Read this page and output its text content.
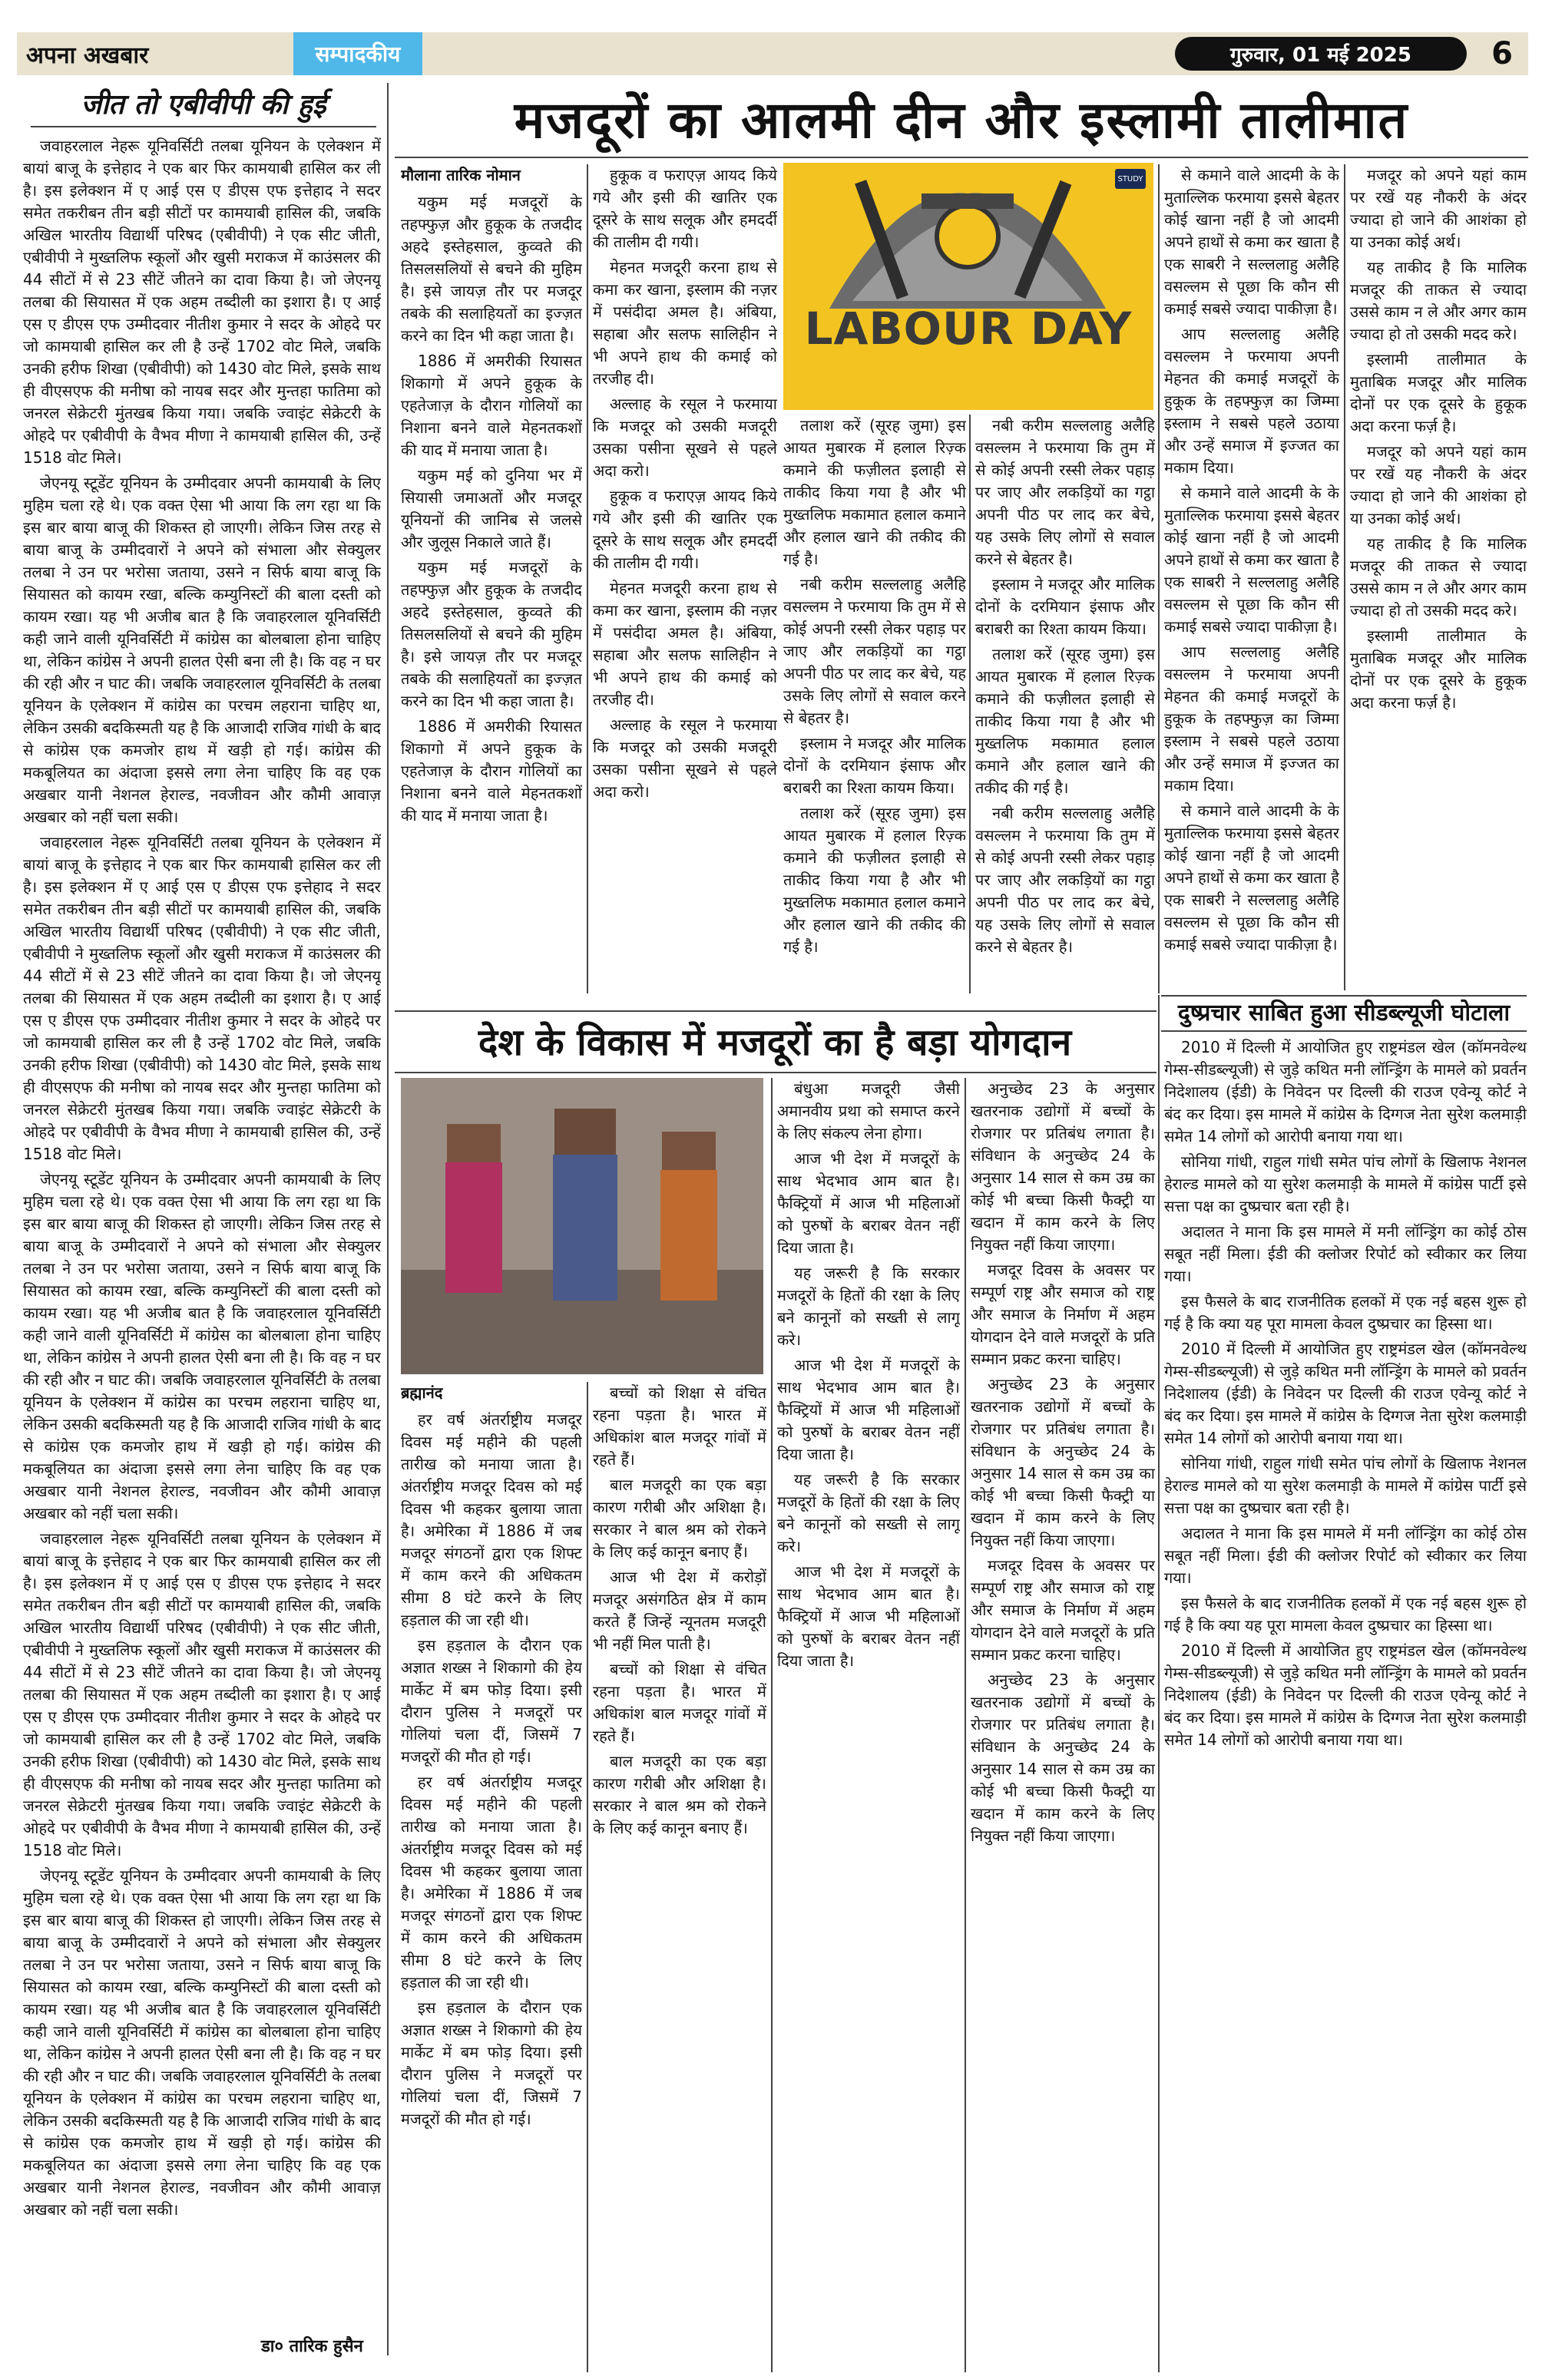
अपना अखबार	सम्पादकीय	गुरुवार, 01 मई 2025	6
जीत तो एबीवीपी की हुई

जवाहरलाल नेहरू यूनिवर्सिटी तलबा यूनियन के एलेक्शन में बायां बाजू के इत्तेहाद ने एक बार फिर कामयाबी हासिल कर ली है। इस इलेक्शन में ए आई एस ए डीएस एफ इत्तेहाद ने सदर समेत तकरीबन तीन बड़ी सीटों पर कामयाबी हासिल की, जबकि अखिल भारतीय विद्यार्थी परिषद (एबीवीपी) ने एक सीट जीती, एबीवीपी ने मुख्तलिफ स्कूलों और खुसी मराकज में काउंसलर की 44 सीटों में से 23 सीटें जीतने का दावा किया है। जो जेएनयू तलबा की सियासत में एक अहम तब्दीली का इशारा है। ए आई एस ए डीएस एफ उम्मीदवार नीतीश कुमार ने सदर के ओहदे पर जो कामयाबी हासिल कर ली है उन्हें 1702 वोट मिले, जबकि उनकी हरीफ शिखा (एबीवीपी) को 1430 वोट मिले, इसके साथ ही वीएसएफ की मनीषा को नायब सदर और मुन्तहा फातिमा को जनरल सेक्रेटरी मुंतखब किया गया। जबकि ज्वाइंट सेक्रेटरी के ओहदे पर एबीवीपी के वैभव मीणा ने कामयाबी हासिल की, उन्हें 1518 वोट मिले।

जेएनयू स्टूडेंट यूनियन के उम्मीदवार अपनी कामयाबी के लिए मुहिम चला रहे थे। एक वक्त ऐसा भी आया कि लग रहा था कि इस बार बाया बाजू की शिकस्त हो जाएगी। लेकिन जिस तरह से बाया बाजू के उम्मीदवारों ने अपने को संभाला और सेक्युलर तलबा ने उन पर भरोसा जताया, उसने न सिर्फ बाया बाजू कि सियासत को कायम रखा, बल्कि कम्युनिस्टों की बाला दस्ती को कायम रखा। यह भी अजीब बात है कि जवाहरलाल यूनिवर्सिटी कही जाने वाली यूनिवर्सिटी में कांग्रेस का बोलबाला होना चाहिए था, लेकिन कांग्रेस ने अपनी हालत ऐसी बना ली है। कि वह न घर की रही और न घाट की। जबकि जवाहरलाल यूनिवर्सिटी के तलबा यूनियन के एलेक्शन में कांग्रेस का परचम लहराना चाहिए था, लेकिन उसकी बदकिस्मती यह है कि आजादी राजिव गांधी के बाद से कांग्रेस एक कमजोर हाथ में खड़ी हो गई। कांग्रेस की मकबूलियत का अंदाजा इससे लगा लेना चाहिए कि वह एक अखबार यानी नेशनल हेराल्ड, नवजीवन और कौमी आवाज़ अखबार को नहीं चला सकी।

जवाहरलाल नेहरू यूनिवर्सिटी तलबा यूनियन के एलेक्शन में बायां बाजू के इत्तेहाद ने एक बार फिर कामयाबी हासिल कर ली है। इस इलेक्शन में ए आई एस ए डीएस एफ इत्तेहाद ने सदर समेत तकरीबन तीन बड़ी सीटों पर कामयाबी हासिल की, जबकि अखिल भारतीय विद्यार्थी परिषद (एबीवीपी) ने एक सीट जीती, एबीवीपी ने मुख्तलिफ स्कूलों और खुसी मराकज में काउंसलर की 44 सीटों में से 23 सीटें जीतने का दावा किया है। जो जेएनयू तलबा की सियासत में एक अहम तब्दीली का इशारा है। ए आई एस ए डीएस एफ उम्मीदवार नीतीश कुमार ने सदर के ओहदे पर जो कामयाबी हासिल कर ली है उन्हें 1702 वोट मिले, जबकि उनकी हरीफ शिखा (एबीवीपी) को 1430 वोट मिले, इसके साथ ही वीएसएफ की मनीषा को नायब सदर और मुन्तहा फातिमा को जनरल सेक्रेटरी मुंतखब किया गया। जबकि ज्वाइंट सेक्रेटरी के ओहदे पर एबीवीपी के वैभव मीणा ने कामयाबी हासिल की, उन्हें 1518 वोट मिले।

जेएनयू स्टूडेंट यूनियन के उम्मीदवार अपनी कामयाबी के लिए मुहिम चला रहे थे। एक वक्त ऐसा भी आया कि लग रहा था कि इस बार बाया बाजू की शिकस्त हो जाएगी। लेकिन जिस तरह से बाया बाजू के उम्मीदवारों ने अपने को संभाला और सेक्युलर तलबा ने उन पर भरोसा जताया, उसने न सिर्फ बाया बाजू कि सियासत को कायम रखा, बल्कि कम्युनिस्टों की बाला दस्ती को कायम रखा। यह भी अजीब बात है कि जवाहरलाल यूनिवर्सिटी कही जाने वाली यूनिवर्सिटी में कांग्रेस का बोलबाला होना चाहिए था, लेकिन कांग्रेस ने अपनी हालत ऐसी बना ली है। कि वह न घर की रही और न घाट की। जबकि जवाहरलाल यूनिवर्सिटी के तलबा यूनियन के एलेक्शन में कांग्रेस का परचम लहराना चाहिए था, लेकिन उसकी बदकिस्मती यह है कि आजादी राजिव गांधी के बाद से कांग्रेस एक कमजोर हाथ में खड़ी हो गई। कांग्रेस की मकबूलियत का अंदाजा इससे लगा लेना चाहिए कि वह एक अखबार यानी नेशनल हेराल्ड, नवजीवन और कौमी आवाज़ अखबार को नहीं चला सकी।

जवाहरलाल नेहरू यूनिवर्सिटी तलबा यूनियन के एलेक्शन में बायां बाजू के इत्तेहाद ने एक बार फिर कामयाबी हासिल कर ली है। इस इलेक्शन में ए आई एस ए डीएस एफ इत्तेहाद ने सदर समेत तकरीबन तीन बड़ी सीटों पर कामयाबी हासिल की, जबकि अखिल भारतीय विद्यार्थी परिषद (एबीवीपी) ने एक सीट जीती, एबीवीपी ने मुख्तलिफ स्कूलों और खुसी मराकज में काउंसलर की 44 सीटों में से 23 सीटें जीतने का दावा किया है। जो जेएनयू तलबा की सियासत में एक अहम तब्दीली का इशारा है। ए आई एस ए डीएस एफ उम्मीदवार नीतीश कुमार ने सदर के ओहदे पर जो कामयाबी हासिल कर ली है उन्हें 1702 वोट मिले, जबकि उनकी हरीफ शिखा (एबीवीपी) को 1430 वोट मिले, इसके साथ ही वीएसएफ की मनीषा को नायब सदर और मुन्तहा फातिमा को जनरल सेक्रेटरी मुंतखब किया गया। जबकि ज्वाइंट सेक्रेटरी के ओहदे पर एबीवीपी के वैभव मीणा ने कामयाबी हासिल की, उन्हें 1518 वोट मिले।

जेएनयू स्टूडेंट यूनियन के उम्मीदवार अपनी कामयाबी के लिए मुहिम चला रहे थे। एक वक्त ऐसा भी आया कि लग रहा था कि इस बार बाया बाजू की शिकस्त हो जाएगी। लेकिन जिस तरह से बाया बाजू के उम्मीदवारों ने अपने को संभाला और सेक्युलर तलबा ने उन पर भरोसा जताया, उसने न सिर्फ बाया बाजू कि सियासत को कायम रखा, बल्कि कम्युनिस्टों की बाला दस्ती को कायम रखा। यह भी अजीब बात है कि जवाहरलाल यूनिवर्सिटी कही जाने वाली यूनिवर्सिटी में कांग्रेस का बोलबाला होना चाहिए था, लेकिन कांग्रेस ने अपनी हालत ऐसी बना ली है। कि वह न घर की रही और न घाट की। जबकि जवाहरलाल यूनिवर्सिटी के तलबा यूनियन के एलेक्शन में कांग्रेस का परचम लहराना चाहिए था, लेकिन उसकी बदकिस्मती यह है कि आजादी राजिव गांधी के बाद से कांग्रेस एक कमजोर हाथ में खड़ी हो गई। कांग्रेस की मकबूलियत का अंदाजा इससे लगा लेना चाहिए कि वह एक अखबार यानी नेशनल हेराल्ड, नवजीवन और कौमी आवाज़ अखबार को नहीं चला सकी।

डा० तारिक हुसैन
मजदूरों का आलमी दीन और इस्लामी तालीमात

मौलाना तारिक नोमान

यकुम मई मजदूरों के तहफ्फुज़ और हुकूक के तजदीद अहदे इस्तेहसाल, कुव्वते की तिसलसलियों से बचने की मुहिम है। इसे जायज़ तौर पर मजदूर तबके की सलाहियतों का इज्ज़त करने का दिन भी कहा जाता है।

1886 में अमरीकी रियासत शिकागो में अपने हुकूक के एहतेजाज़ के दौरान गोलियों का निशाना बनने वाले मेहनतकशों की याद में मनाया जाता है।

यकुम मई को दुनिया भर में सियासी जमाअतों और मजदूर यूनियनों की जानिब से जलसे और जुलूस निकाले जाते हैं।

यकुम मई मजदूरों के तहफ्फुज़ और हुकूक के तजदीद अहदे इस्तेहसाल, कुव्वते की तिसलसलियों से बचने की मुहिम है। इसे जायज़ तौर पर मजदूर तबके की सलाहियतों का इज्ज़त करने का दिन भी कहा जाता है।

1886 में अमरीकी रियासत शिकागो में अपने हुकूक के एहतेजाज़ के दौरान गोलियों का निशाना बनने वाले मेहनतकशों की याद में मनाया जाता है।

हुकूक व फराएज़ आयद किये गये और इसी की खातिर एक दूसरे के साथ सलूक और हमदर्दी की तालीम दी गयी।

मेहनत मजदूरी करना हाथ से कमा कर खाना, इस्लाम की नज़र में पसंदीदा अमल है। अंबिया, सहाबा और सलफ सालिहीन ने भी अपने हाथ की कमाई को तरजीह दी।

अल्लाह के रसूल ने फरमाया कि मजदूर को उसकी मजदूरी उसका पसीना सूखने से पहले अदा करो।

हुकूक व फराएज़ आयद किये गये और इसी की खातिर एक दूसरे के साथ सलूक और हमदर्दी की तालीम दी गयी।

मेहनत मजदूरी करना हाथ से कमा कर खाना, इस्लाम की नज़र में पसंदीदा अमल है। अंबिया, सहाबा और सलफ सालिहीन ने भी अपने हाथ की कमाई को तरजीह दी।

अल्लाह के रसूल ने फरमाया कि मजदूर को उसकी मजदूरी उसका पसीना सूखने से पहले अदा करो।

STUDY
LABOUR DAY

तलाश करें (सूरह जुमा) इस आयत मुबारक में हलाल रिज़्क कमाने की फज़ीलत इलाही से ताकीद किया गया है और भी मुख्तलिफ मकामात हलाल कमाने और हलाल खाने की तकीद की गई है।

नबी करीम सल्ललाहु अलैहि वसल्लम ने फरमाया कि तुम में से कोई अपनी रस्सी लेकर पहाड़ पर जाए और लकड़ियों का गट्ठा अपनी पीठ पर लाद कर बेचे, यह उसके लिए लोगों से सवाल करने से बेहतर है।

इस्लाम ने मजदूर और मालिक दोनों के दरमियान इंसाफ और बराबरी का रिश्ता कायम किया।

तलाश करें (सूरह जुमा) इस आयत मुबारक में हलाल रिज़्क कमाने की फज़ीलत इलाही से ताकीद किया गया है और भी मुख्तलिफ मकामात हलाल कमाने और हलाल खाने की तकीद की गई है।

नबी करीम सल्ललाहु अलैहि वसल्लम ने फरमाया कि तुम में से कोई अपनी रस्सी लेकर पहाड़ पर जाए और लकड़ियों का गट्ठा अपनी पीठ पर लाद कर बेचे, यह उसके लिए लोगों से सवाल करने से बेहतर है।

इस्लाम ने मजदूर और मालिक दोनों के दरमियान इंसाफ और बराबरी का रिश्ता कायम किया।

तलाश करें (सूरह जुमा) इस आयत मुबारक में हलाल रिज़्क कमाने की फज़ीलत इलाही से ताकीद किया गया है और भी मुख्तलिफ मकामात हलाल कमाने और हलाल खाने की तकीद की गई है।

नबी करीम सल्ललाहु अलैहि वसल्लम ने फरमाया कि तुम में से कोई अपनी रस्सी लेकर पहाड़ पर जाए और लकड़ियों का गट्ठा अपनी पीठ पर लाद कर बेचे, यह उसके लिए लोगों से सवाल करने से बेहतर है।

से कमाने वाले आदमी के के मुताल्लिक फरमाया इससे बेहतर कोई खाना नहीं है जो आदमी अपने हाथों से कमा कर खाता है एक साबरी ने सल्ललाहु अलैहि वसल्लम से पूछा कि कौन सी कमाई सबसे ज्यादा पाकीज़ा है।

आप सल्ललाहु अलैहि वसल्लम ने फरमाया अपनी मेहनत की कमाई मजदूरों के हुकूक के तहफ्फुज़ का जिम्मा इस्लाम ने सबसे पहले उठाया और उन्हें समाज में इज्जत का मकाम दिया।

से कमाने वाले आदमी के के मुताल्लिक फरमाया इससे बेहतर कोई खाना नहीं है जो आदमी अपने हाथों से कमा कर खाता है एक साबरी ने सल्ललाहु अलैहि वसल्लम से पूछा कि कौन सी कमाई सबसे ज्यादा पाकीज़ा है।

आप सल्ललाहु अलैहि वसल्लम ने फरमाया अपनी मेहनत की कमाई मजदूरों के हुकूक के तहफ्फुज़ का जिम्मा इस्लाम ने सबसे पहले उठाया और उन्हें समाज में इज्जत का मकाम दिया।

से कमाने वाले आदमी के के मुताल्लिक फरमाया इससे बेहतर कोई खाना नहीं है जो आदमी अपने हाथों से कमा कर खाता है एक साबरी ने सल्ललाहु अलैहि वसल्लम से पूछा कि कौन सी कमाई सबसे ज्यादा पाकीज़ा है।

मजदूर को अपने यहां काम पर रखें यह नौकरी के अंदर ज्यादा हो जाने की आशंका हो या उनका कोई अर्थ।

यह ताकीद है कि मालिक मजदूर की ताकत से ज्यादा उससे काम न ले और अगर काम ज्यादा हो तो उसकी मदद करे।

इस्लामी तालीमात के मुताबिक मजदूर और मालिक दोनों पर एक दूसरे के हुकूक अदा करना फर्ज़ है।

मजदूर को अपने यहां काम पर रखें यह नौकरी के अंदर ज्यादा हो जाने की आशंका हो या उनका कोई अर्थ।

यह ताकीद है कि मालिक मजदूर की ताकत से ज्यादा उससे काम न ले और अगर काम ज्यादा हो तो उसकी मदद करे।

इस्लामी तालीमात के मुताबिक मजदूर और मालिक दोनों पर एक दूसरे के हुकूक अदा करना फर्ज़ है।

देश के विकास में मजदूरों का है बड़ा योगदान

ब्रह्मानंद

हर वर्ष अंतर्राष्ट्रीय मजदूर दिवस मई महीने की पहली तारीख को मनाया जाता है। अंतर्राष्ट्रीय मजदूर दिवस को मई दिवस भी कहकर बुलाया जाता है। अमेरिका में 1886 में जब मजदूर संगठनों द्वारा एक शिफ्ट में काम करने की अधिकतम सीमा 8 घंटे करने के लिए हड़ताल की जा रही थी।

इस हड़ताल के दौरान एक अज्ञात शख्स ने शिकागो की हेय मार्केट में बम फोड़ दिया। इसी दौरान पुलिस ने मजदूरों पर गोलियां चला दीं, जिसमें 7 मजदूरों की मौत हो गई।

हर वर्ष अंतर्राष्ट्रीय मजदूर दिवस मई महीने की पहली तारीख को मनाया जाता है। अंतर्राष्ट्रीय मजदूर दिवस को मई दिवस भी कहकर बुलाया जाता है। अमेरिका में 1886 में जब मजदूर संगठनों द्वारा एक शिफ्ट में काम करने की अधिकतम सीमा 8 घंटे करने के लिए हड़ताल की जा रही थी।

इस हड़ताल के दौरान एक अज्ञात शख्स ने शिकागो की हेय मार्केट में बम फोड़ दिया। इसी दौरान पुलिस ने मजदूरों पर गोलियां चला दीं, जिसमें 7 मजदूरों की मौत हो गई।

बच्चों को शिक्षा से वंचित रहना पड़ता है। भारत में अधिकांश बाल मजदूर गांवों में रहते हैं।

बाल मजदूरी का एक बड़ा कारण गरीबी और अशिक्षा है। सरकार ने बाल श्रम को रोकने के लिए कई कानून बनाए हैं।

आज भी देश में करोड़ों मजदूर असंगठित क्षेत्र में काम करते हैं जिन्हें न्यूनतम मजदूरी भी नहीं मिल पाती है।

बच्चों को शिक्षा से वंचित रहना पड़ता है। भारत में अधिकांश बाल मजदूर गांवों में रहते हैं।

बाल मजदूरी का एक बड़ा कारण गरीबी और अशिक्षा है। सरकार ने बाल श्रम को रोकने के लिए कई कानून बनाए हैं।

बंधुआ मजदूरी जैसी अमानवीय प्रथा को समाप्त करने के लिए संकल्प लेना होगा।

आज भी देश में मजदूरों के साथ भेदभाव आम बात है। फैक्ट्रियों में आज भी महिलाओं को पुरुषों के बराबर वेतन नहीं दिया जाता है।

यह जरूरी है कि सरकार मजदूरों के हितों की रक्षा के लिए बने कानूनों को सख्ती से लागू करे।

आज भी देश में मजदूरों के साथ भेदभाव आम बात है। फैक्ट्रियों में आज भी महिलाओं को पुरुषों के बराबर वेतन नहीं दिया जाता है।

यह जरूरी है कि सरकार मजदूरों के हितों की रक्षा के लिए बने कानूनों को सख्ती से लागू करे।

आज भी देश में मजदूरों के साथ भेदभाव आम बात है। फैक्ट्रियों में आज भी महिलाओं को पुरुषों के बराबर वेतन नहीं दिया जाता है।

अनुच्छेद 23 के अनुसार खतरनाक उद्योगों में बच्चों के रोजगार पर प्रतिबंध लगाता है। संविधान के अनुच्छेद 24 के अनुसार 14 साल से कम उम्र का कोई भी बच्चा किसी फैक्ट्री या खदान में काम करने के लिए नियुक्त नहीं किया जाएगा।

मजदूर दिवस के अवसर पर सम्पूर्ण राष्ट्र और समाज को राष्ट्र और समाज के निर्माण में अहम योगदान देने वाले मजदूरों के प्रति सम्मान प्रकट करना चाहिए।

अनुच्छेद 23 के अनुसार खतरनाक उद्योगों में बच्चों के रोजगार पर प्रतिबंध लगाता है। संविधान के अनुच्छेद 24 के अनुसार 14 साल से कम उम्र का कोई भी बच्चा किसी फैक्ट्री या खदान में काम करने के लिए नियुक्त नहीं किया जाएगा।

मजदूर दिवस के अवसर पर सम्पूर्ण राष्ट्र और समाज को राष्ट्र और समाज के निर्माण में अहम योगदान देने वाले मजदूरों के प्रति सम्मान प्रकट करना चाहिए।

अनुच्छेद 23 के अनुसार खतरनाक उद्योगों में बच्चों के रोजगार पर प्रतिबंध लगाता है। संविधान के अनुच्छेद 24 के अनुसार 14 साल से कम उम्र का कोई भी बच्चा किसी फैक्ट्री या खदान में काम करने के लिए नियुक्त नहीं किया जाएगा।

दुष्प्रचार साबित हुआ सीडब्ल्यूजी घोटाला

2010 में दिल्ली में आयोजित हुए राष्ट्रमंडल खेल (कॉमनवेल्थ गेम्स-सीडब्ल्यूजी) से जुड़े कथित मनी लॉन्ड्रिंग के मामले को प्रवर्तन निदेशालय (ईडी) के निवेदन पर दिल्ली की राउज एवेन्यू कोर्ट ने बंद कर दिया। इस मामले में कांग्रेस के दिग्गज नेता सुरेश कलमाड़ी समेत 14 लोगों को आरोपी बनाया गया था।

सोनिया गांधी, राहुल गांधी समेत पांच लोगों के खिलाफ नेशनल हेराल्ड मामले को या सुरेश कलमाड़ी के मामले में कांग्रेस पार्टी इसे सत्ता पक्ष का दुष्प्रचार बता रही है।

अदालत ने माना कि इस मामले में मनी लॉन्ड्रिंग का कोई ठोस सबूत नहीं मिला। ईडी की क्लोजर रिपोर्ट को स्वीकार कर लिया गया।

इस फैसले के बाद राजनीतिक हलकों में एक नई बहस शुरू हो गई है कि क्या यह पूरा मामला केवल दुष्प्रचार का हिस्सा था।

2010 में दिल्ली में आयोजित हुए राष्ट्रमंडल खेल (कॉमनवेल्थ गेम्स-सीडब्ल्यूजी) से जुड़े कथित मनी लॉन्ड्रिंग के मामले को प्रवर्तन निदेशालय (ईडी) के निवेदन पर दिल्ली की राउज एवेन्यू कोर्ट ने बंद कर दिया। इस मामले में कांग्रेस के दिग्गज नेता सुरेश कलमाड़ी समेत 14 लोगों को आरोपी बनाया गया था।

सोनिया गांधी, राहुल गांधी समेत पांच लोगों के खिलाफ नेशनल हेराल्ड मामले को या सुरेश कलमाड़ी के मामले में कांग्रेस पार्टी इसे सत्ता पक्ष का दुष्प्रचार बता रही है।

अदालत ने माना कि इस मामले में मनी लॉन्ड्रिंग का कोई ठोस सबूत नहीं मिला। ईडी की क्लोजर रिपोर्ट को स्वीकार कर लिया गया।

इस फैसले के बाद राजनीतिक हलकों में एक नई बहस शुरू हो गई है कि क्या यह पूरा मामला केवल दुष्प्रचार का हिस्सा था।

2010 में दिल्ली में आयोजित हुए राष्ट्रमंडल खेल (कॉमनवेल्थ गेम्स-सीडब्ल्यूजी) से जुड़े कथित मनी लॉन्ड्रिंग के मामले को प्रवर्तन निदेशालय (ईडी) के निवेदन पर दिल्ली की राउज एवेन्यू कोर्ट ने बंद कर दिया। इस मामले में कांग्रेस के दिग्गज नेता सुरेश कलमाड़ी समेत 14 लोगों को आरोपी बनाया गया था।
